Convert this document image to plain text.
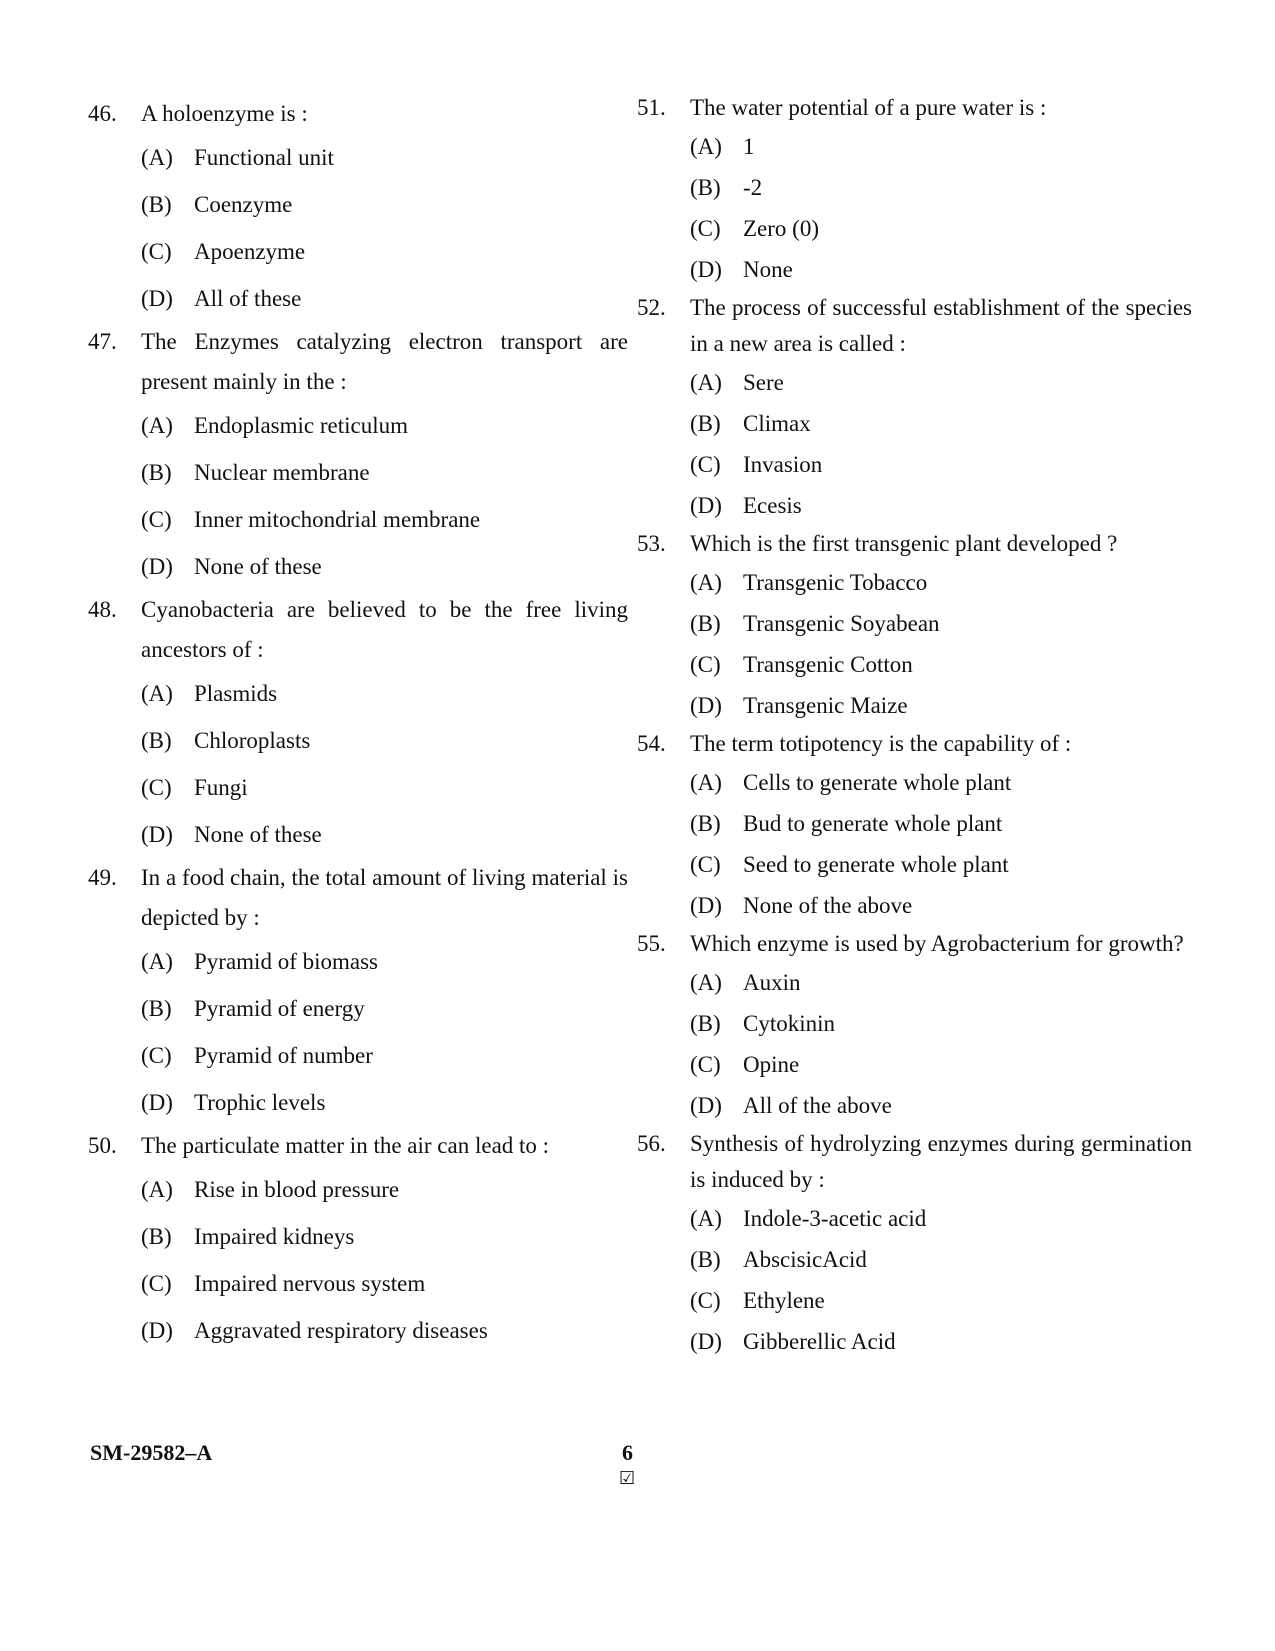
46.	A holoenzyme is :
(A) Functional unit
(B) Coenzyme
(C) Apoenzyme
(D) All of these
47.	The Enzymes catalyzing electron transport are present mainly in the :
(A) Endoplasmic reticulum
(B) Nuclear membrane
(C) Inner mitochondrial membrane
(D) None of these
48.	Cyanobacteria are believed to be the free living ancestors of :
(A) Plasmids
(B) Chloroplasts
(C) Fungi
(D) None of these
49.	In a food chain, the total amount of living material is depicted by :
(A) Pyramid of biomass
(B) Pyramid of energy
(C) Pyramid of number
(D) Trophic levels
50.	The particulate matter in the air can lead to :
(A) Rise in blood pressure
(B) Impaired kidneys
(C) Impaired nervous system
(D) Aggravated respiratory diseases
51.	The water potential of a pure water is :
(A) 1
(B) -2
(C) Zero (0)
(D) None
52.	The process of successful establishment of the species in a new area is called :
(A) Sere
(B) Climax
(C) Invasion
(D) Ecesis
53.	Which is the first transgenic plant developed ?
(A) Transgenic Tobacco
(B) Transgenic Soyabean
(C) Transgenic Cotton
(D) Transgenic Maize
54.	The term totipotency is the capability of :
(A) Cells to generate whole plant
(B) Bud to generate whole plant
(C) Seed to generate whole plant
(D) None of the above
55.	Which enzyme is used by Agrobacterium for growth?
(A) Auxin
(B) Cytokinin
(C) Opine
(D) All of the above
56.	Synthesis of hydrolyzing enzymes during germination is induced by :
(A) Indole-3-acetic acid
(B) AbscisicAcid
(C) Ethylene
(D) Gibberellic Acid
SM-29582–A	6
☑
